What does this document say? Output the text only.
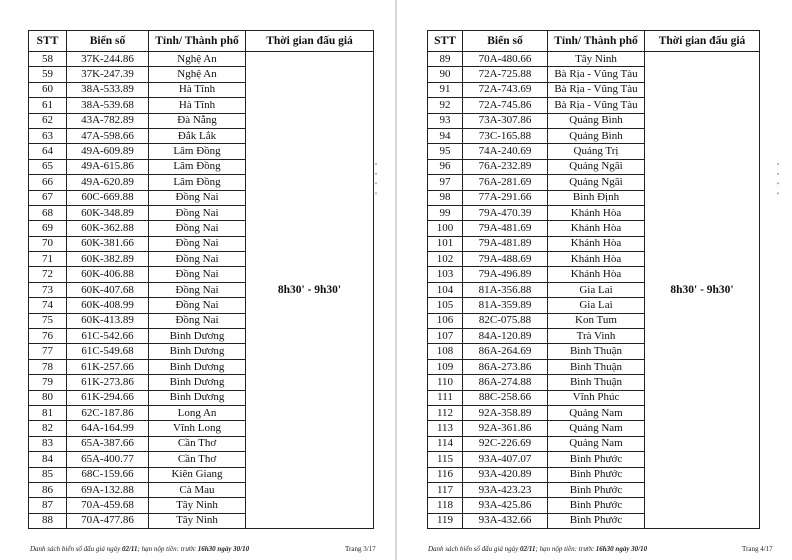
STT	Biển số	Tỉnh/ Thành phố	Thời gian đấu giá
58	37K-244.86	Nghệ An	8h30' - 9h30'
59	37K-247.39	Nghệ An	
60	38A-533.89	Hà Tĩnh	
61	38A-539.68	Hà Tĩnh	
62	43A-782.89	Đà Nẵng	
63	47A-598.66	Đắk Lắk	
64	49A-609.89	Lâm Đồng	
65	49A-615.86	Lâm Đồng	
66	49A-620.89	Lâm Đồng	
67	60C-669.88	Đồng Nai	
68	60K-348.89	Đồng Nai	
69	60K-362.88	Đồng Nai	
70	60K-381.66	Đồng Nai	
71	60K-382.89	Đồng Nai	
72	60K-406.88	Đồng Nai	
73	60K-407.68	Đồng Nai	
74	60K-408.99	Đồng Nai	
75	60K-413.89	Đồng Nai	
76	61C-542.66	Bình Dương	
77	61C-549.68	Bình Dương	
78	61K-257.66	Bình Dương	
79	61K-273.86	Bình Dương	
80	61K-294.66	Bình Dương	
81	62C-187.86	Long An	
82	64A-164.99	Vĩnh Long	
83	65A-387.66	Cần Thơ	
84	65A-400.77	Cần Thơ	
85	68C-159.66	Kiên Giang	
86	69A-132.88	Cà Mau	
87	70A-459.68	Tây Ninh	
88	70A-477.86	Tây Ninh	
STT	Biển số	Tỉnh/ Thành phố	Thời gian đấu giá
89	70A-480.66	Tây Ninh	8h30' - 9h30'
90	72A-725.88	Bà Rịa - Vũng Tàu	
91	72A-743.69	Bà Rịa - Vũng Tàu	
92	72A-745.86	Bà Rịa - Vũng Tàu	
93	73A-307.86	Quảng Bình	
94	73C-165.88	Quảng Bình	
95	74A-240.69	Quảng Trị	
96	76A-232.89	Quảng Ngãi	
97	76A-281.69	Quảng Ngãi	
98	77A-291.66	Bình Định	
99	79A-470.39	Khánh Hòa	
100	79A-481.69	Khánh Hòa	
101	79A-481.89	Khánh Hòa	
102	79A-488.69	Khánh Hòa	
103	79A-496.89	Khánh Hòa	
104	81A-356.88	Gia Lai	
105	81A-359.89	Gia Lai	
106	82C-075.88	Kon Tum	
107	84A-120.89	Trà Vinh	
108	86A-264.69	Bình Thuận	
109	86A-273.86	Bình Thuận	
110	86A-274.88	Bình Thuận	
111	88C-258.66	Vĩnh Phúc	
112	92A-358.89	Quảng Nam	
113	92A-361.86	Quảng Nam	
114	92C-226.69	Quảng Nam	
115	93A-407.07	Bình Phước	
116	93A-420.89	Bình Phước	
117	93A-423.23	Bình Phước	
118	93A-425.86	Bình Phước	
119	93A-432.66	Bình Phước	
▪ ▪ ▪ ▪	▪ ▪ ▪ ▪
Danh sách biển số đấu giá ngày 02/11; hạn nộp tiền: trước 16h30 ngày 30/10	Trang 3/17	Danh sách biển số đấu giá ngày 02/11; hạn nộp tiền: trước 16h30 ngày 30/10	Trang 4/17
